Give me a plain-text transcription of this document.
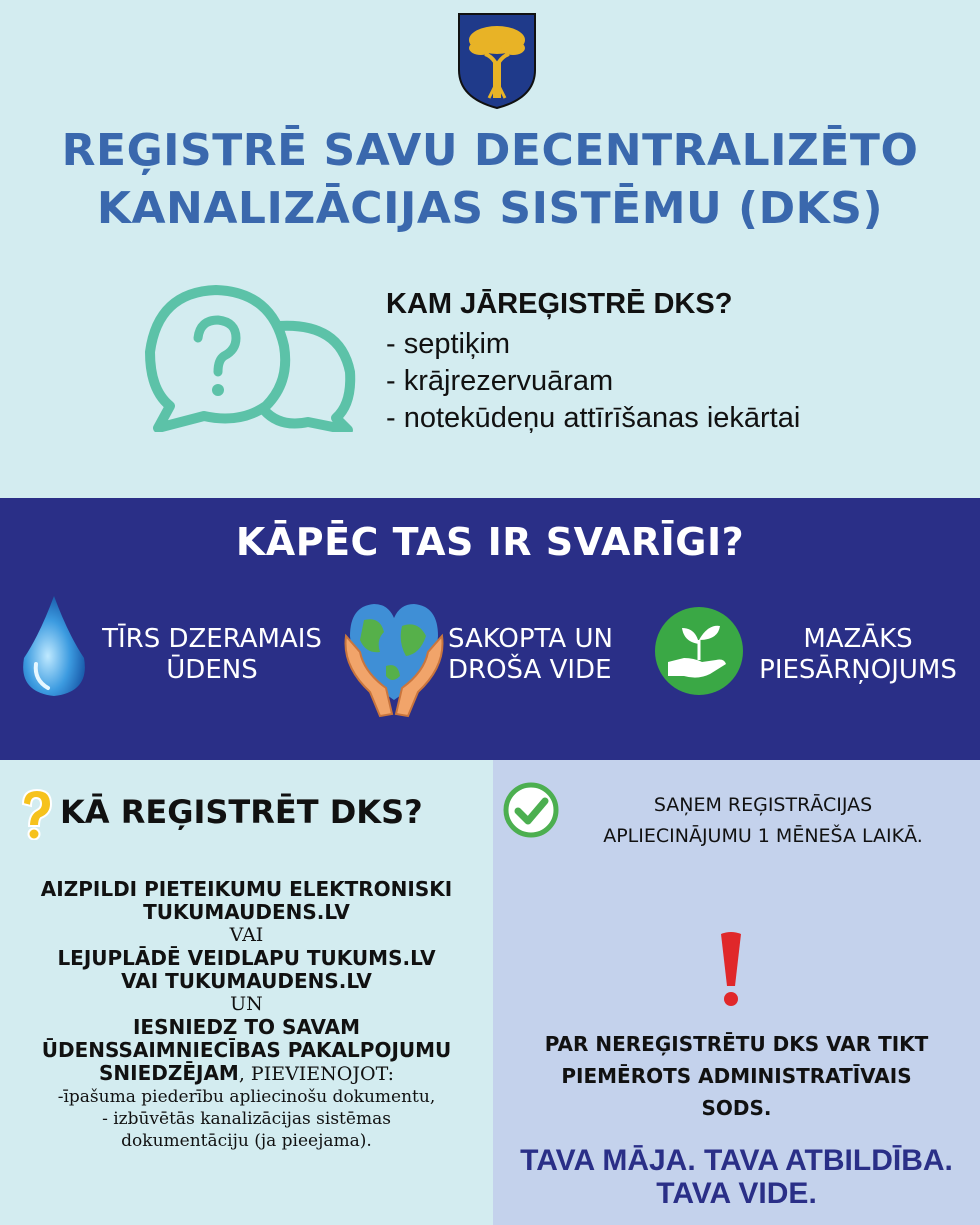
REĢISTRĒ SAVU DECENTRALIZĒTO
KANALIZĀCIJAS SISTĒMU (DKS)
KAM JĀREĢISTRĒ DKS?
- septiķim
- krājrezervuāram
- notekūdeņu attīrīšanas iekārtai
KĀPĒC TAS IR SVARĪGI?
TĪRS DZERAMAIS
ŪDENS
SAKOPTA UN
DROŠA VIDE
MAZĀKS
PIESĀRŅOJUMS
KĀ REĢISTRĒT DKS?
AIZPILDI PIETEIKUMU ELEKTRONISKI
TUKUMAUDENS.LV
VAI
LEJUPLĀDĒ VEIDLAPU TUKUMS.LV
VAI TUKUMAUDENS.LV
UN
IESNIEDZ TO SAVAM
ŪDENSSAIMNIECĪBAS PAKALPOJUMU
SNIEDZĒJAM, PIEVIENOJOT:
-īpašuma piederību apliecinošu dokumentu,
- izbūvētās kanalizācijas sistēmas
dokumentāciju (ja pieejama).
SAŅEM REĢISTRĀCIJAS
APLIECINĀJUMU 1 MĒNEŠA LAIKĀ.
PAR NEREĢISTRĒTU DKS VAR TIKT
PIEMĒROTS ADMINISTRATĪVAIS
SODS.
TAVA MĀJA. TAVA ATBILDĪBA.
TAVA VIDE.
